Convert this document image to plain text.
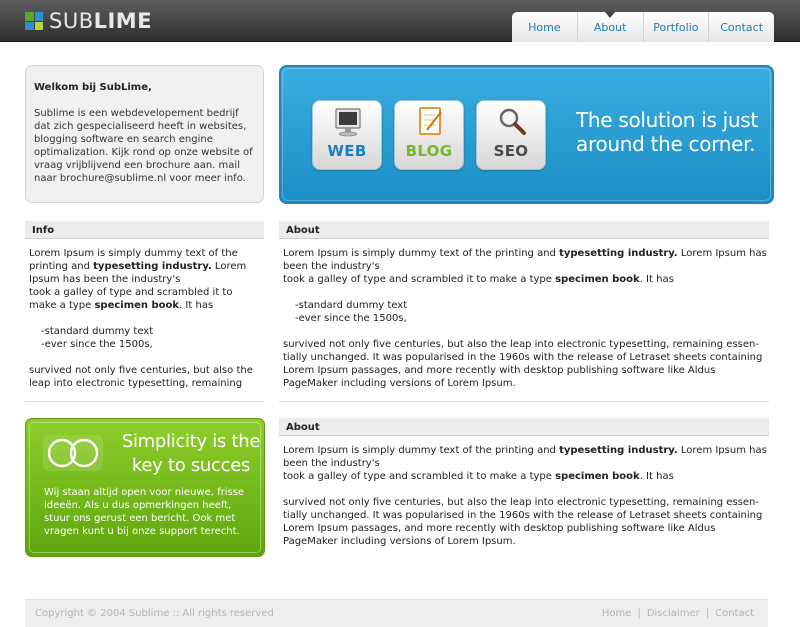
SUBLIME	Home	About	Portfolio	Contact
Welkom bij SubLime,

Sublime is een webdevelopement bedrijf dat zich gespecialiseerd heeft in websites, blogging software en search engine optimalization. Kijk rond op onze website of vraag vrijblijvend een brochure aan. mail naar brochure@sublime.nl voor meer info.

WEB	BLOG	SEO
The solution is just
around the corner.
Info

Lorem Ipsum is simply dummy text of the printing and typesetting industry. Lorem Ipsum has been the industry's

took a galley of type and scrambled it to make a type specimen book. It has

-standard dummy text

-ever since the 1500s,

survived not only five centuries, but also the leap into electronic typesetting, remaining

About

Lorem Ipsum is simply dummy text of the printing and typesetting industry. Lorem Ipsum has been the industry's

took a galley of type and scrambled it to make a type specimen book. It has

-standard dummy text

-ever since the 1500s,

survived not only five centuries, but also the leap into electronic typesetting, remaining essen-tially unchanged. It was popularised in the 1960s with the release of Letraset sheets containing Lorem Ipsum passages, and more recently with desktop publishing software like Aldus PageMaker including versions of Lorem Ipsum.

Simplicity is the
key to succes
Wij staan altijd open voor nieuwe, frisse ideeën. Als u dus opmerkingen heeft, stuur ons gerust een bericht. Ook met vragen kunt u bij onze support terecht.
About

Lorem Ipsum is simply dummy text of the printing and typesetting industry. Lorem Ipsum has been the industry's

took a galley of type and scrambled it to make a type specimen book. It has

survived not only five centuries, but also the leap into electronic typesetting, remaining essen-tially unchanged. It was popularised in the 1960s with the release of Letraset sheets containing Lorem Ipsum passages, and more recently with desktop publishing software like Aldus PageMaker including versions of Lorem Ipsum.

Copyright © 2004 Sublime :: All rights reserved	Home | Disclaimer | Contact
